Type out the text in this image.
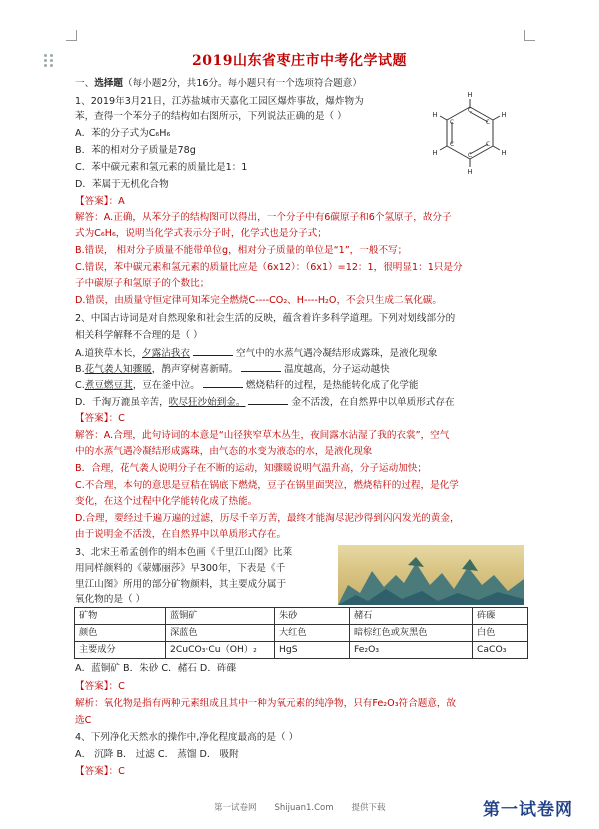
2019山东省枣庄市中考化学试题
一、选择题（每小题2分，共16分。每小题只有一个选项符合题意）
1、2019年3月21日，江苏盐城市天嘉化工园区爆炸事故，爆炸物为
苯，查得一个苯分子的结构如右图所示，下列说法正确的是（ ）
A．苯的分子式为C₆H₆
B．苯的相对分子质量是78g
C．苯中碳元素和氢元素的质量比是1：1
D．苯属于无机化合物
【答案】：A
解答：A.正确，从苯分子的结构图可以得出，一个分子中有6碳原子和6个氢原子，故分子
式为C₆H₆，说明当化学式表示分子时，化学式也是分子式；
B.错误， 相对分子质量不能带单位g，相对分子质量的单位是“1”，一般不写；
C.错误，苯中碳元素和氢元素的质量比应是（6x12）：（6x1）=12：1，很明显1：1只是分
子中碳原子和氢原子的个数比；
D.错误，由质量守恒定律可知苯完全燃烧C----CO₂、H----H₂O，不会只生成二氧化碳。
H
H
H
H
H
H
C
C
C
C
C
C
2、中国古诗词是对自然现象和社会生活的反映，蕴含着许多科学道理。下列对划线部分的
相关科学解释不合理的是（ ）
A.道狭草木长，夕露沾我衣	空气中的水蒸气遇冷凝结形成露珠，是液化现象
B.花气袭人知骤暖，鹊声穿树喜新晴。	温度越高，分子运动越快
C.煮豆燃豆萁，豆在釜中泣。	燃烧秸秆的过程，是热能转化成了化学能
D．千淘万漉虽辛苦，吹尽狂沙始到金。	金不活泼，在自然界中以单质形式存在
【答案】：C
解答：A.合理，此句诗词的本意是“山径狭窄草木丛生，夜间露水沾湿了我的衣裳”，空气
中的水蒸气遇冷凝结形成露珠，由气态的水变为液态的水，是液化现象
B．合理，花气袭人说明分子在不断的运动，知骤暖说明气温升高，分子运动加快；
C.不合理，本句的意思是豆秸在锅底下燃烧，豆子在锅里面哭泣，燃烧秸秆的过程，是化学
变化，在这个过程中化学能转化成了热能。
D.合理，要经过千遍万遍的过滤，历尽千辛万苦，最终才能淘尽泥沙得到闪闪发光的黄金，
由于说明金不活泼，在自然界中以单质形式存在。
3、北宋王希孟创作的绢本色画《千里江山图》比莱
用同样颜料的《蒙娜丽莎》早300年，下表是《千
里江山图》所用的部分矿物颜料，其主要成分属于
氧化物的是（ ）
矿物	蓝铜矿	朱砂	赭石	砗磲
颜色	深蓝色	大红色	暗棕红色或灰黑色	白色
主要成分	2CuCO₃·Cu（OH）₂	HgS	Fe₂O₃	CaCO₃
A．蓝铜矿 B．朱砂 C．赭石 D．砗磲
【答案】：C
解析：氧化物是指有两种元素组成且其中一种为氧元素的纯净物，只有Fe₂O₃符合题意，故
选C
4、下列净化天然水的操作中,净化程度最高的是（ ）
A． 沉降 B． 过滤 C． 蒸馏 D． 吸附
【答案】：C
第一试卷网 Shijuan1.Com 提供下载	第一试卷网
